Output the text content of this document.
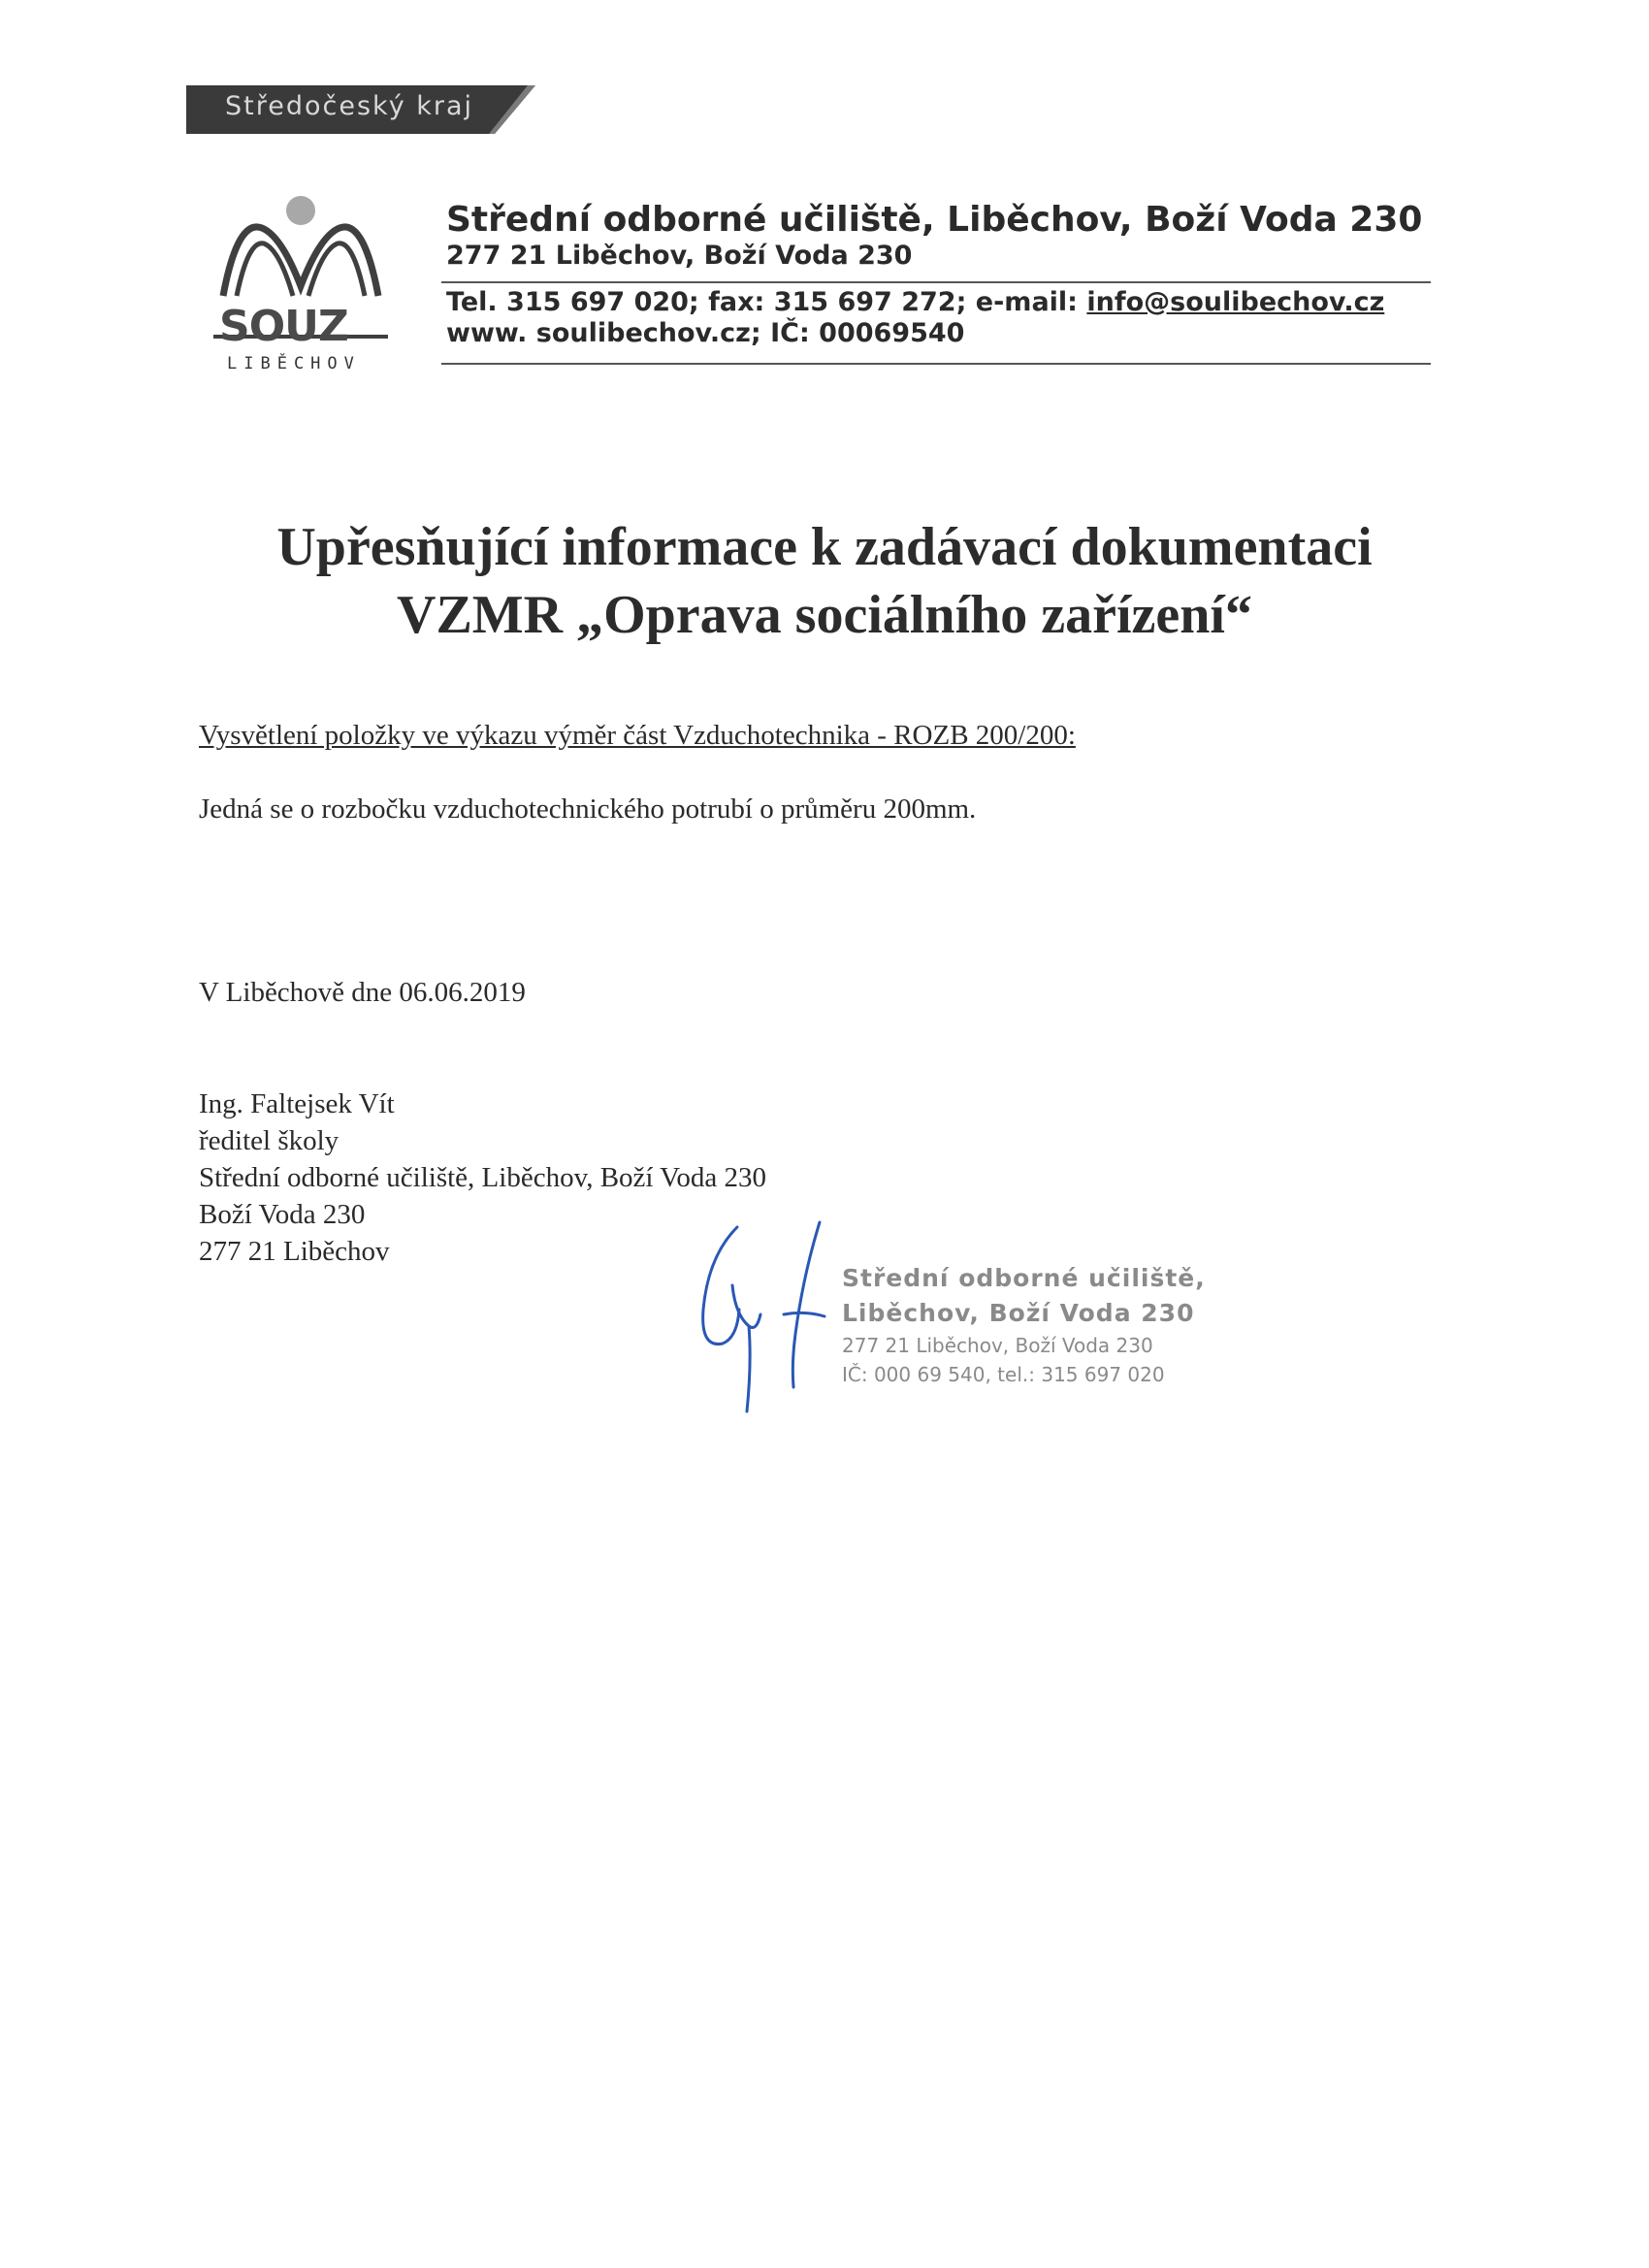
Středočeský kraj
SOUZ
LIBĚCHOV
Střední odborné učiliště, Liběchov, Boží Voda 230
277 21 Liběchov, Boží Voda 230
Tel. 315 697 020; fax: 315 697 272; e-mail: info@soulibechov.cz
www. soulibechov.cz; IČ: 00069540
Upřesňující informace k zadávací dokumentaci
VZMR „Oprava sociálního zařízení“
Vysvětlení položky ve výkazu výměr část Vzduchotechnika - ROZB 200/200:
Jedná se o rozbočku vzduchotechnického potrubí o průměru 200mm.
V Liběchově dne 06.06.2019
Ing. Faltejsek Vít
ředitel školy
Střední odborné učiliště, Liběchov, Boží Voda 230
Boží Voda 230
277 21 Liběchov
Střední odborné učiliště,
Liběchov, Boží Voda 230
277 21 Liběchov, Boží Voda 230
IČ: 000 69 540, tel.: 315 697 020
